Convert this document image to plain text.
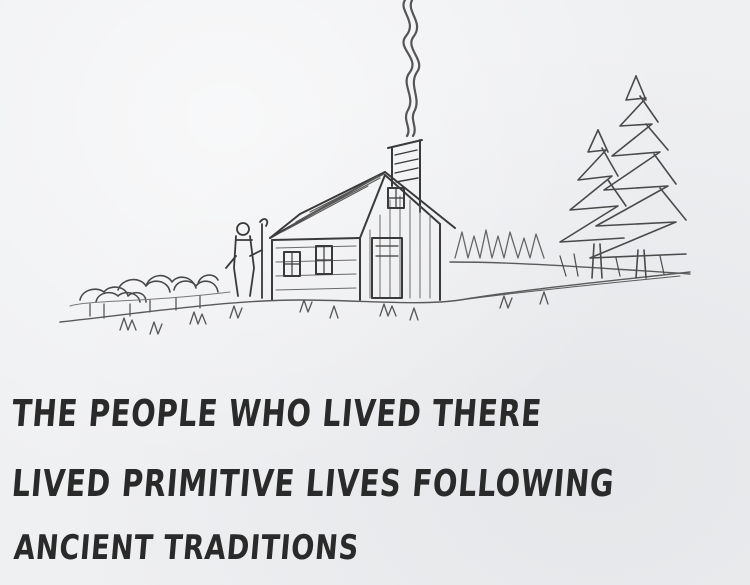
THE PEOPLE WHO LIVED THERE

LIVED PRIMITIVE LIVES FOLLOWING

ANCIENT TRADITIONS
